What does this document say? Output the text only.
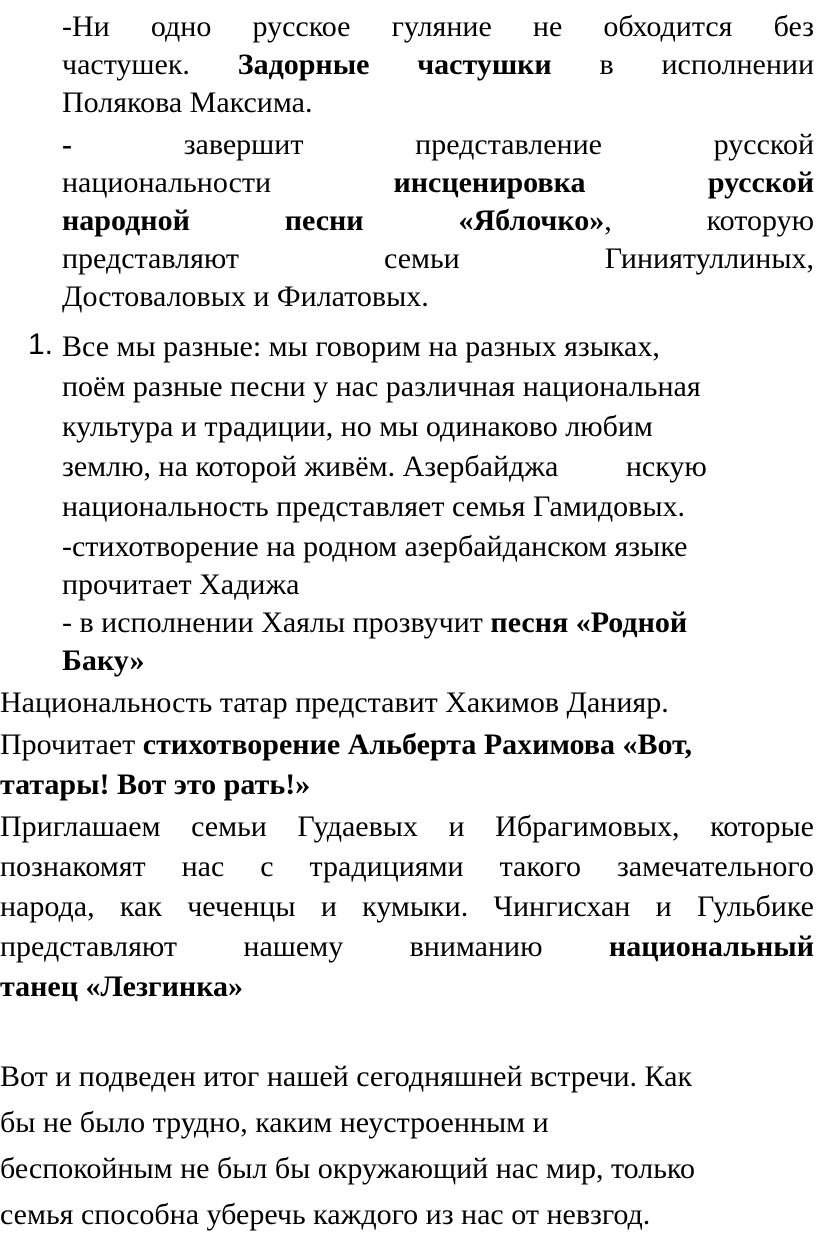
-Ни одно русское гуляние не обходится без
частушек. Задорные частушки в исполнении
Полякова Максима.
-	завершит представление русской
национальности	инсценировка русской
народной песни «Яблочко», которую
представляют семьи Гиниятуллиных,
Достоваловых и Филатовых.
1. Все мы разные: мы говорим на разных языках,
поём разные песни у нас различная национальная
культура и традиции, но мы одинаково любим
землю, на которой живём. Азербайджа         нскую
национальность представляет семья Гамидовых.
-стихотворение на родном азербайданском языке
прочитает Хадижа
- в исполнении Хаялы прозвучит песня «Родной
Баку»
Национальность татар представит Хакимов Данияр.
Прочитает стихотворение Альберта Рахимова «Вот,
татары! Вот это рать!»
Приглашаем семьи Гудаевых и Ибрагимовых, которые
познакомят нас с традициями такого замечательного
народа, как чеченцы и кумыки. Чингисхан и Гульбике
представляют нашему вниманию национальный
танец «Лезгинка»
Вот и подведен итог нашей сегодняшней встречи. Как
бы не было трудно, каким неустроенным и
беспокойным не был бы окружающий нас мир, только
семья способна уберечь каждого из нас от невзгод.
